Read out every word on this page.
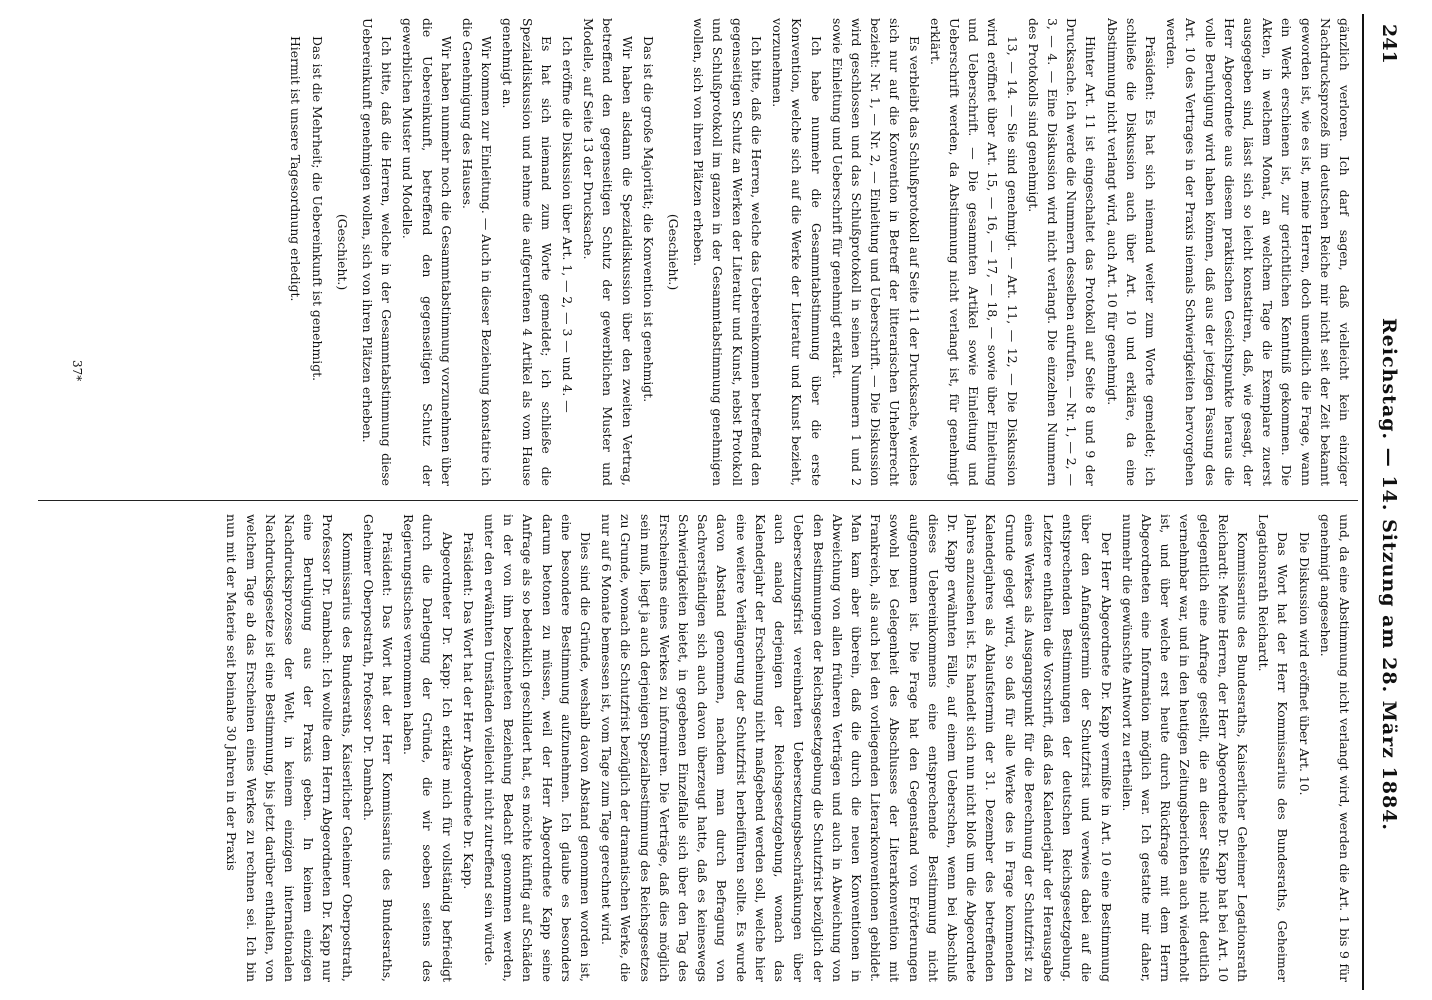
241
Reichstag. — 14. Sitzung am 28. März 1884.

gänzlich verloren. Ich darf sagen, daß vielleicht kein einziger Nachdrucksprozeß im deutschen Reiche mir nicht seit der Zeit bekannt geworden ist, wie es ist, meine Herren, doch unendlich die Frage, wann ein Werk erschienen ist, zur gerichtlichen Kenntniß gekommen. Die Akten, in welchem Monat, an welchem Tage die Exemplare zuerst ausgegeben sind, lässt sich so leicht konstatiren, daß, wie gesagt, der Herr Abgeordnete aus diesem praktischen Gesichtspunkte heraus die volle Beruhigung wird haben können, daß aus der jetzigen Fassung des Art. 10 des Vertrages in der Praxis niemals Schwierigkeiten hervorgehen werden.

Präsident: Es hat sich niemand weiter zum Worte gemeldet; ich schließe die Diskussion auch über Art. 10 und erkläre, da eine Abstimmung nicht verlangt wird, auch Art. 10 für genehmigt.

Hinter Art. 11 ist eingeschaltet das Protokoll auf Seite 8 und 9 der Drucksache. Ich werde die Nummern desselben aufrufen. — Nr. 1, — 2, — 3, — 4. — Eine Diskussion wird nicht verlangt. Die einzelnen Nummern des Protokolls sind genehmigt.

13, — 14. — Sie sind genehmigt. — Art. 11, — 12, — Die Diskussion wird eröffnet über Art. 15, — 16, — 17, — 18, — sowie über Einleitung und Ueberschrift. — Die gesammten Artikel sowie Einleitung und Ueberschrift werden, da Abstimmung nicht verlangt ist, für genehmigt erklärt.

Es verbleibt das Schlußprotokoll auf Seite 11 der Drucksache, welches sich nur auf die Konvention in Betreff der litterarischen Urheberrecht bezieht: Nr. 1, — Nr. 2, — Einleitung und Ueberschrift. — Die Diskussion wird geschlossen und das Schlußprotokoll in seinen Nummern 1 und 2 sowie Einleitung und Ueberschrift für genehmigt erklärt.

Ich habe nunmehr die Gesammtabstimmung über die erste Konvention, welche sich auf die Werke der Literatur und Kunst bezieht, vorzunehmen.

Ich bitte, daß die Herren, welche das Uebereinkommen betreffend den gegenseitigen Schutz an Werken der Literatur und Kunst, nebst Protokoll und Schlußprotokoll im ganzen in der Gesammtabstimmung genehmigen wollen, sich von ihren Plätzen erheben.

(Geschieht.)

Das ist die große Majorität; die Konvention ist genehmigt.

Wir haben alsdann die Spezialdiskussion über den zweiten Vertrag, betreffend den gegenseitigen Schutz der gewerblichen Muster und Modelle, auf Seite 13 der Drucksache.

Ich eröffne die Diskussion über Art. 1, — 2, — 3 — und 4. —

Es hat sich niemand zum Worte gemeldet; ich schließe die Spezialdiskussion und nehme die aufgerufenen 4 Artikel als vom Hause genehmigt an.

Wir kommen zur Einleitung. — Auch in dieser Beziehung konstatire ich die Genehmigung des Hauses.

Wir haben nunmehr noch die Gesammtabstimmung vorzunehmen über die Uebereinkunft, betreffend den gegenseitigen Schutz der gewerblichen Muster und Modelle.

Ich bitte, daß die Herren, welche in der Gesammtabstimmung diese Uebereinkunft genehmigen wollen, sich von ihren Plätzen erheben.

(Geschieht.)

Das ist die Mehrheit; die Uebereinkunft ist genehmigt.

Hiermit ist unsere Tagesordnung erledigt.

und, da eine Abstimmung nicht verlangt wird, werden die Art. 1 bis 9 für genehmigt angesehen.

Die Diskussion wird eröffnet über Art. 10.

Das Wort hat der Herr Kommissarius des Bundesraths, Geheimer Legationsrath Reichardt.

Kommissarius des Bundesraths, Kaiserlicher Geheimer Legationsrath Reichardt: Meine Herren, der Herr Abgeordnete Dr. Kapp hat bei Art. 10 gelegentlich eine Anfrage gestellt, die an dieser Stelle nicht deutlich vernehmbar war, und in den heutigen Zeitungsberichten auch wiederholt ist, und über welche erst heute durch Rückfrage mit dem Herrn Abgeordneten eine Information möglich war. Ich gestatte mir daher, nunmehr die gewünschte Antwort zu ertheilen.

Der Herr Abgeordnete Dr. Kapp vermißte in Art. 10 eine Bestimmung über den Anfangstermin der Schutzfrist und verwies dabei auf die entsprechenden Bestimmungen der deutschen Reichsgesetzgebung. Letztere enthalten die Vorschrift, daß das Kalenderjahr der Herausgabe eines Werkes als Ausgangspunkt für die Berechnung der Schutzfrist zu Grunde gelegt wird, so daß für alle Werke des in Frage kommenden Kalenderjahres als Ablaufstermin der 31. Dezember des betreffenden Jahres anzusehen ist. Es handelt sich nun nicht bloß um die Abgeordnete Dr. Kapp erwähnten Fälle, auf einem Ueberschen, wenn bei Abschluß dieses Uebereinkommens eine entsprechende Bestimmung nicht aufgenommen ist. Die Frage hat den Gegenstand von Erörterungen sowohl bei Gelegenheit des Abschlusses der Literarkonvention mit Frankreich, als auch bei den vorliegenden Literarkonventionen gebildet. Man kam aber überein, daß die durch die neuen Konventionen in Abweichung von allen früheren Verträgen und auch in Abweichung von den Bestimmungen der Reichsgesetzgebung die Schutzfrist bezüglich der Uebersetzungsfrist vereinbarten Uebersetzungsbeschränkungen über auch analog derjenigen der Reichsgesetzgebung, wonach das Kalenderjahr der Erscheinung nicht maßgebend werden soll, welche hier eine weitere Verlängerung der Schutzfrist herbeiführen sollte. Es wurde davon Abstand genommen, nachdem man durch Befragung von Sachverständigen sich auch davon überzeugt hatte, daß es keineswegs Schwierigkeiten bietet, in gegebenen Einzelfalle sich über den Tag des Erscheinens eines Werkes zu informiren. Die Verträge, daß dies möglich sein muß, liegt ja auch derjenigen Spezialbestimmung des Reichsgesetzes zu Grunde, wonach die Schutzfrist bezüglich der dramatischen Werke, die nur auf 6 Monate bemessen ist, vom Tage zum Tage gerechnet wird.

Dies sind die Gründe, weshalb davon Abstand genommen worden ist, eine besondere Bestimmung aufzunehmen. Ich glaube es besonders darum betonen zu müssen, weil der Herr Abgeordnete Kapp seine Anfrage als so bedenklich geschildert hat, es möchte künftig auf Schäden in der von ihm bezeichneten Beziehung Bedacht genommen werden, unter den erwähnten Umständen vielleicht nicht zutreffend sein würde.

Präsident: Das Wort hat der Herr Abgeordnete Dr. Kapp.

Abgeordneter Dr. Kapp: Ich erkläre mich für vollständig befriedigt durch die Darlegung der Gründe, die wir soeben seitens des Regierungstisches vernommen haben.

Präsident: Das Wort hat der Herr Kommissarius des Bundesraths, Geheimer Oberpostrath, Professor Dr. Dambach.

Kommissarius des Bundesraths, Kaiserlicher Geheimer Oberpostrath, Professor Dr. Dambach: Ich wollte dem Herrn Abgeordneten Dr. Kapp nur eine Beruhigung aus der Praxis geben. In keinem einzigen Nachdrucksprozesse der Welt, in keinem einzigen internationalen Nachdrucksgesetze ist eine Bestimmung, bis jetzt darüber enthalten, von welchem Tage ab das Erscheinen eines Werkes zu rechnen sei. Ich bin nun mit der Materie seit beinahe 30 Jahren in der Praxis

37*
